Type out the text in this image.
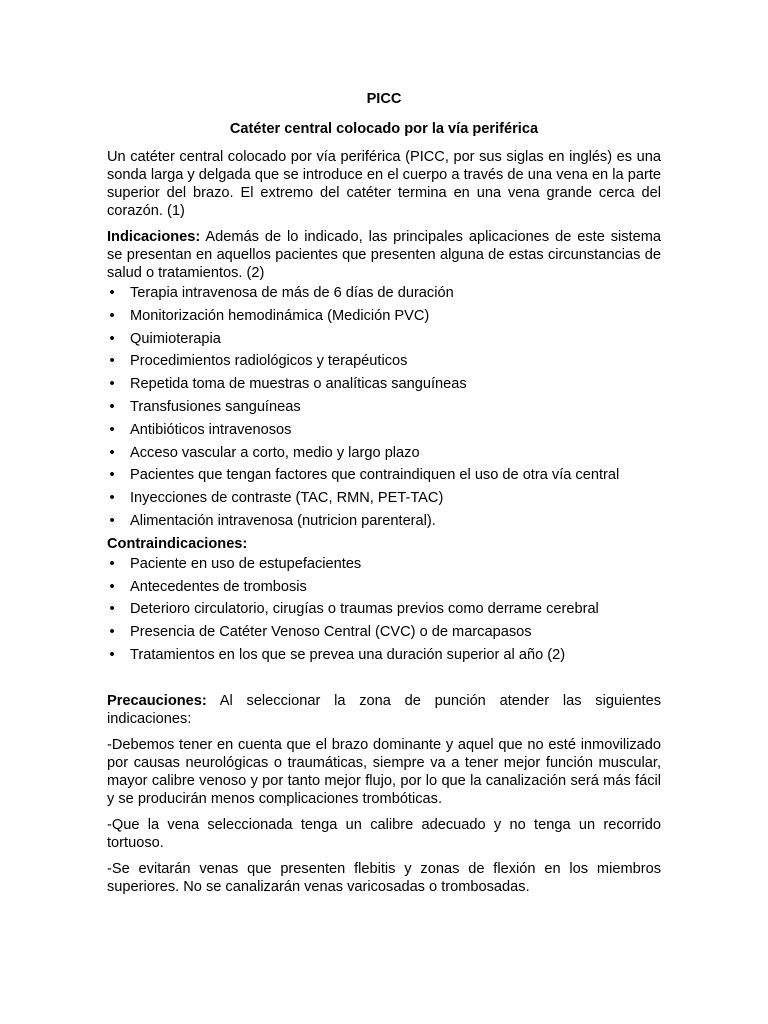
PICC
Catéter central colocado por la vía periférica

Un catéter central colocado por vía periférica (PICC, por sus siglas en inglés) es una sonda larga y delgada que se introduce en el cuerpo a través de una vena en la parte superior del brazo. El extremo del catéter termina en una vena grande cerca del corazón. (1)

Indicaciones: Además de lo indicado, las principales aplicaciones de este sistema se presentan en aquellos pacientes que presenten alguna de estas circunstancias de salud o tratamientos. (2)

• Terapia intravenosa de más de 6 días de duración
• Monitorización hemodinámica (Medición PVC)
• Quimioterapia
• Procedimientos radiológicos y terapéuticos
• Repetida toma de muestras o analíticas sanguíneas
• Transfusiones sanguíneas
• Antibióticos intravenosos
• Acceso vascular a corto, medio y largo plazo
• Pacientes que tengan factores que contraindiquen el uso de otra vía central
• Inyecciones de contraste (TAC, RMN, PET-TAC)
• Alimentación intravenosa (nutricion parenteral).
Contraindicaciones:
• Paciente en uso de estupefacientes
• Antecedentes de trombosis
• Deterioro circulatorio, cirugías o traumas previos como derrame cerebral
• Presencia de Catéter Venoso Central (CVC) o de marcapasos
• Tratamientos en los que se prevea una duración superior al año (2)

Precauciones: Al seleccionar la zona de punción atender las siguientes indicaciones:

-Debemos tener en cuenta que el brazo dominante y aquel que no esté inmovilizado por causas neurológicas o traumáticas, siempre va a tener mejor función muscular, mayor calibre venoso y por tanto mejor flujo, por lo que la canalización será más fácil y se producirán menos complicaciones trombóticas.

-Que la vena seleccionada tenga un calibre adecuado y no tenga un recorrido tortuoso.

-Se evitarán venas que presenten flebitis y zonas de flexión en los miembros superiores. No se canalizarán venas varicosadas o trombosadas.
